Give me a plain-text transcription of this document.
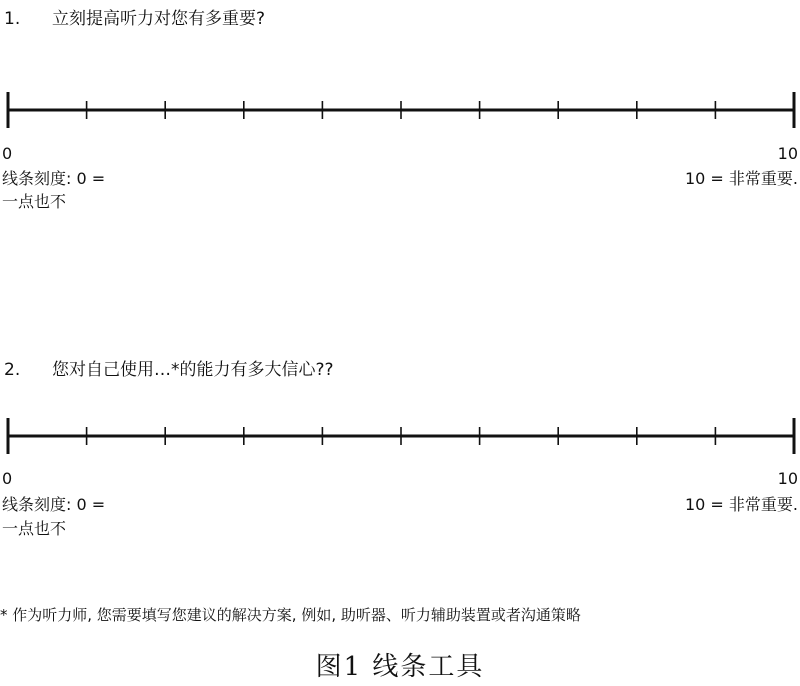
1. 立刻提高听力对您有多重要?
0	10
线条刻度: 0 =
一点也不
10 = 非常重要.
2. 您对自己使用…*的能力有多大信心??
0	10
线条刻度: 0 =
一点也不
10 = 非常重要.
* 作为听力师, 您需要填写您建议的解决方案, 例如, 助听器、听力辅助装置或者沟通策略
图1 线条工具
